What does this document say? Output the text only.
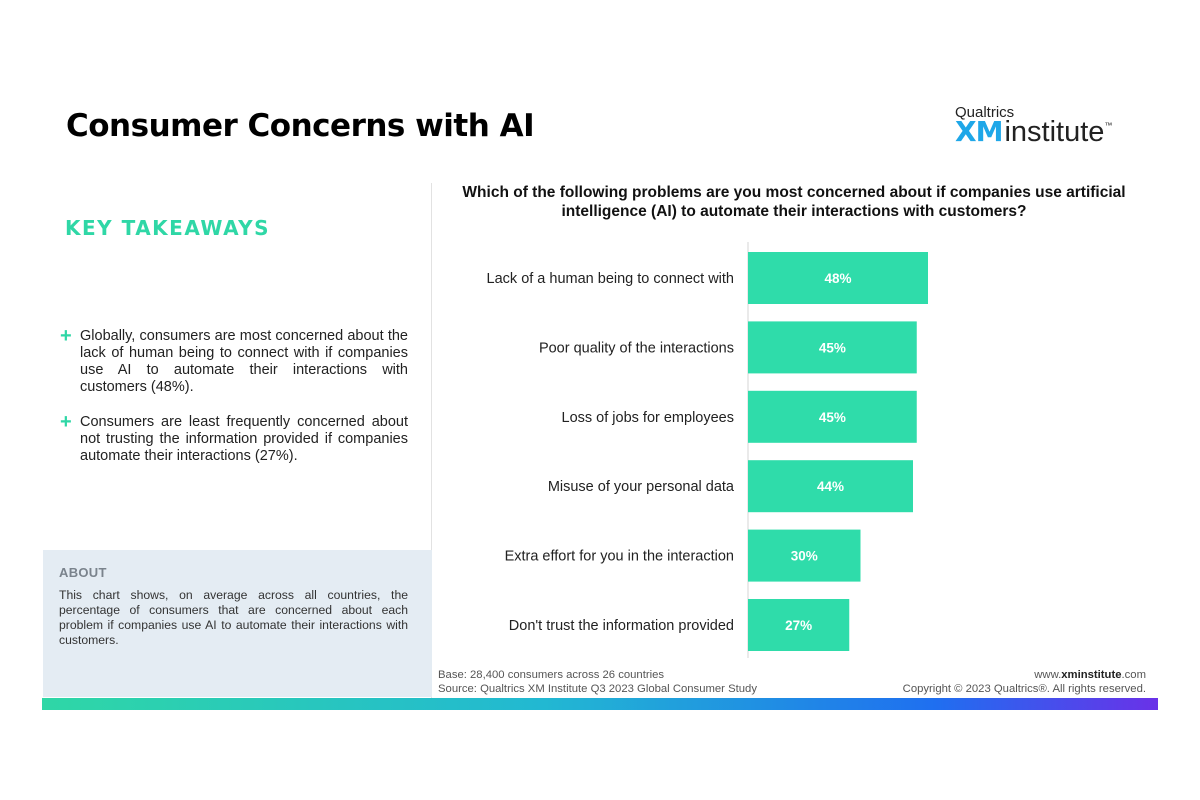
Consumer Concerns with AI	Qualtrics
XMinstitute™
KEY TAKEAWAYS
+ Globally, consumers are most concerned about the lack of human being to connect with if companies use AI to automate their interactions with customers (48%).
+ Consumers are least frequently concerned about not trusting the information provided if companies automate their interactions (27%).
ABOUT
This chart shows, on average across all countries, the percentage of consumers that are concerned about each problem if companies use AI to automate their interactions with customers.
Which of the following problems are you most concerned about if companies use artificial intelligence (AI) to automate their interactions with customers?
Lack of a human being to connect with	48%
Poor quality of the interactions	45%
Loss of jobs for employees	45%
Misuse of your personal data	44%
Extra effort for you in the interaction	30%
Don't trust the information provided	27%
Base: 28,400 consumers across 26 countries
Source: Qualtrics XM Institute Q3 2023 Global Consumer Study
www.xminstitute.com
Copyright © 2023 Qualtrics®. All rights reserved.
